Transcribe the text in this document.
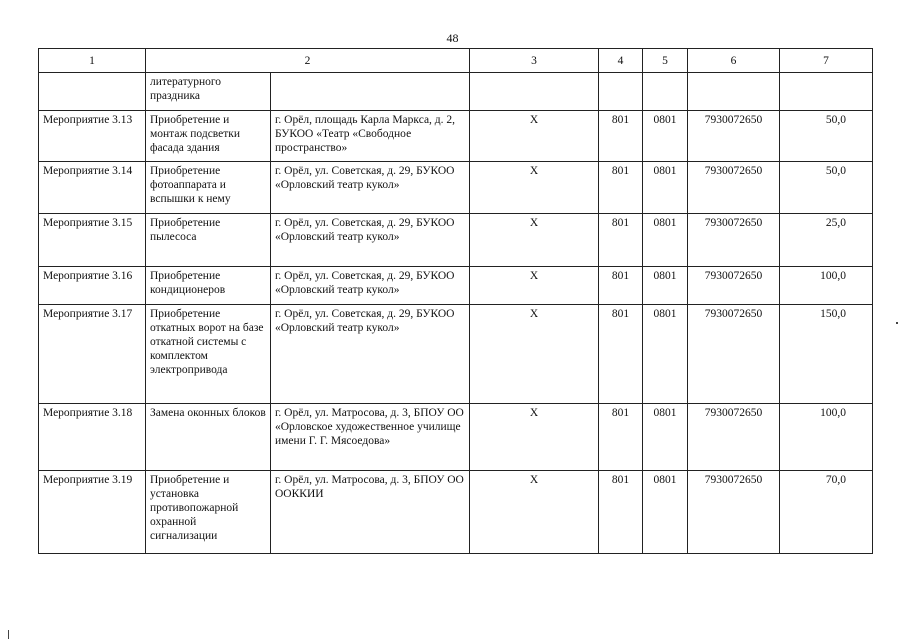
48
1	2		3	4	5	6	7
	литературного праздника						
Мероприятие 3.13	Приобретение и монтаж подсветки фасада здания	г. Орёл, площадь Карла Маркса, д. 2, БУКОО «Театр «Свободное пространство»	Х	801	0801	7930072650	50,0
Мероприятие 3.14	Приобретение фотоаппарата и вспышки к нему	г. Орёл, ул. Советская, д. 29, БУКОО «Орловский театр кукол»	Х	801	0801	7930072650	50,0
Мероприятие 3.15	Приобретение пылесоса	г. Орёл, ул. Советская, д. 29, БУКОО «Орловский театр кукол»	Х	801	0801	7930072650	25,0
Мероприятие 3.16	Приобретение кондиционеров	г. Орёл, ул. Советская, д. 29, БУКОО «Орловский театр кукол»	Х	801	0801	7930072650	100,0
Мероприятие 3.17	Приобретение откатных ворот на базе откатной системы с комплектом электропривода	г. Орёл, ул. Советская, д. 29, БУКОО «Орловский театр кукол»	Х	801	0801	7930072650	150,0
Мероприятие 3.18	Замена оконных блоков	г. Орёл, ул. Матросова, д. 3, БПОУ ОО «Орловское художественное училище имени Г. Г. Мясоедова»	Х	801	0801	7930072650	100,0
Мероприятие 3.19	Приобретение и установка противопожарной охранной сигнализации	г. Орёл, ул. Матросова, д. 3, БПОУ ОО ООККИИ	Х	801	0801	7930072650	70,0
